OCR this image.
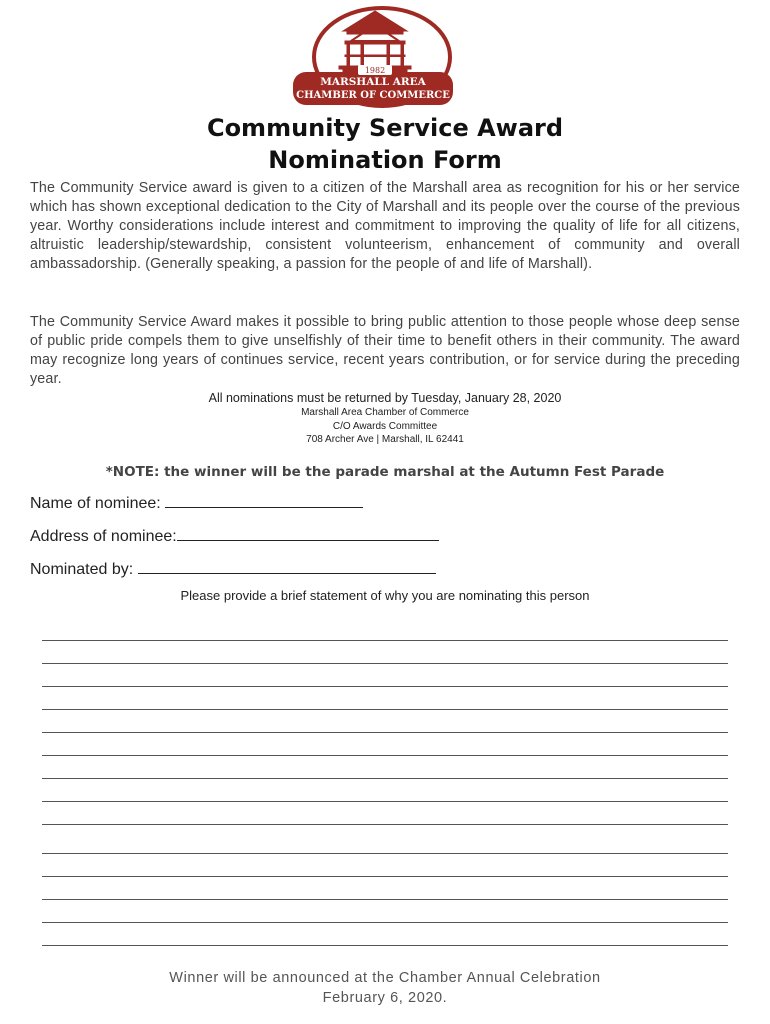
1982
MARSHALL AREA
CHAMBER OF COMMERCE
Community Service Award
Nomination Form
The Community Service award is given to a citizen of the Marshall area as recognition for his or her service which has shown exceptional dedication to the City of Marshall and its people over the course of the previous year. Worthy considerations include interest and commitment to improving the quality of life for all citizens, altruistic leadership/stewardship, consistent volunteerism, enhancement of community and overall ambassadorship. (Generally speaking, a passion for the people of and life of Marshall).
The Community Service Award makes it possible to bring public attention to those people whose deep sense of public pride compels them to give unselfishly of their time to benefit others in their community. The award may recognize long years of continues service, recent years contribution, or for service during the preceding year.
All nominations must be returned by Tuesday, January 28, 2020
Marshall Area Chamber of Commerce
C/O Awards Committee
708 Archer Ave | Marshall, IL 62441
*NOTE: the winner will be the parade marshal at the Autumn Fest Parade
Name of nominee:
Address of nominee:
Nominated by:
Please provide a brief statement of why you are nominating this person
Winner will be announced at the Chamber Annual Celebration
February 6, 2020.
